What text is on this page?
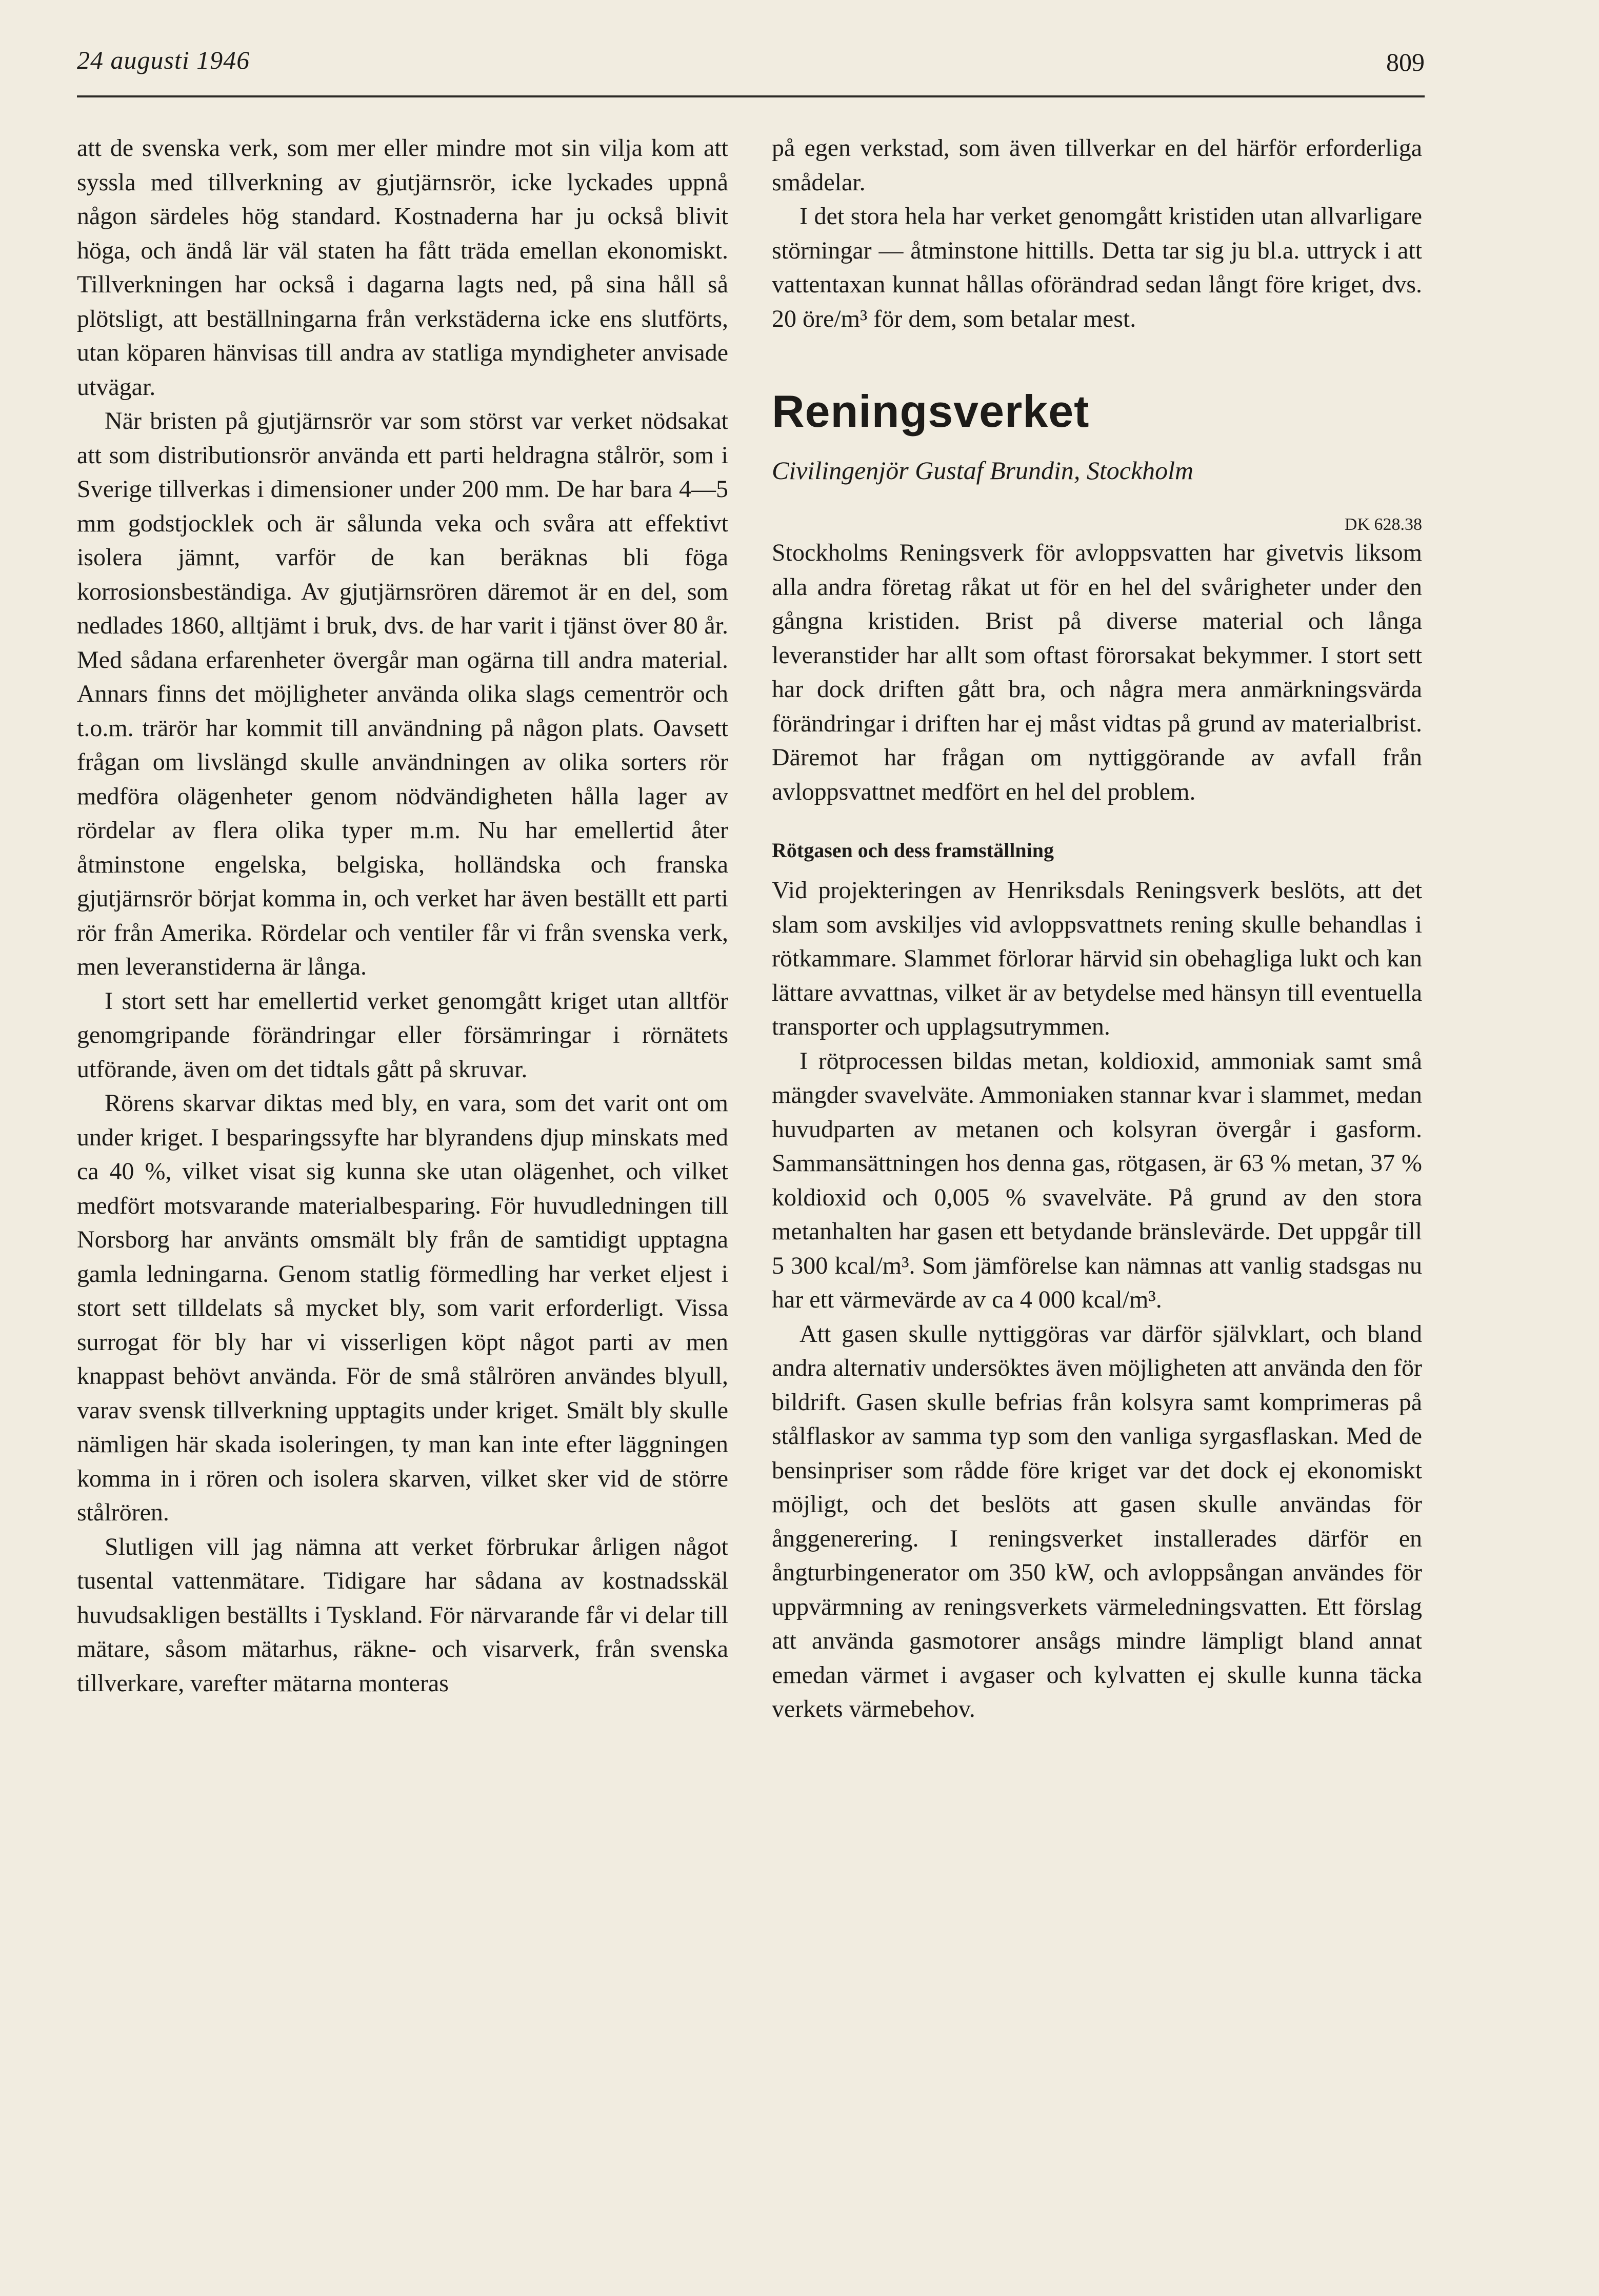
24 augusti 1946	809

att de svenska verk, som mer eller mindre mot sin vilja kom att syssla med tillverkning av gjutjärnsrör, icke lyckades uppnå någon särdeles hög standard. Kostnaderna har ju också blivit höga, och ändå lär väl staten ha fått träda emellan ekonomiskt. Tillverkningen har också i dagarna lagts ned, på sina håll så plötsligt, att beställningarna från verkstäderna icke ens slutförts, utan köparen hänvisas till andra av statliga myndigheter anvisade utvägar.

När bristen på gjutjärnsrör var som störst var verket nödsakat att som distributionsrör använda ett parti heldragna stålrör, som i Sverige tillverkas i dimensioner under 200 mm. De har bara 4—5 mm godstjocklek och är sålunda veka och svåra att effektivt isolera jämnt, varför de kan beräknas bli föga korrosionsbeständiga. Av gjutjärnsrören däremot är en del, som nedlades 1860, alltjämt i bruk, dvs. de har varit i tjänst över 80 år. Med sådana erfarenheter övergår man ogärna till andra material. Annars finns det möjligheter använda olika slags cementrör och t.o.m. trärör har kommit till användning på någon plats. Oavsett frågan om livslängd skulle användningen av olika sorters rör medföra olägenheter genom nödvändigheten hålla lager av rördelar av flera olika typer m.m. Nu har emellertid åter åtminstone engelska, belgiska, holländska och franska gjutjärnsrör börjat komma in, och verket har även beställt ett parti rör från Amerika. Rördelar och ventiler får vi från svenska verk, men leveranstiderna är långa.

I stort sett har emellertid verket genomgått kriget utan alltför genomgripande förändringar eller försämringar i rörnätets utförande, även om det tidtals gått på skruvar.

Rörens skarvar diktas med bly, en vara, som det varit ont om under kriget. I besparingssyfte har blyrandens djup minskats med ca 40 %, vilket visat sig kunna ske utan olägenhet, och vilket medfört motsvarande materialbesparing. För huvudledningen till Norsborg har använts omsmält bly från de samtidigt upptagna gamla ledningarna. Genom statlig förmedling har verket eljest i stort sett tilldelats så mycket bly, som varit erforderligt. Vissa surrogat för bly har vi visserligen köpt något parti av men knappast behövt använda. För de små stålrören användes blyull, varav svensk tillverkning upptagits under kriget. Smält bly skulle nämligen här skada isoleringen, ty man kan inte efter läggningen komma in i rören och isolera skarven, vilket sker vid de större stålrören.

Slutligen vill jag nämna att verket förbrukar årligen något tusental vattenmätare. Tidigare har sådana av kostnadsskäl huvudsakligen beställts i Tyskland. För närvarande får vi delar till mätare, såsom mätarhus, räkne- och visarverk, från svenska tillverkare, varefter mätarna monteras

på egen verkstad, som även tillverkar en del härför erforderliga smådelar.

I det stora hela har verket genomgått kristiden utan allvarligare störningar — åtminstone hittills. Detta tar sig ju bl.a. uttryck i att vattentaxan kunnat hållas oförändrad sedan långt före kriget, dvs. 20 öre/m³ för dem, som betalar mest.

Reningsverket
Civilingenjör Gustaf Brundin, Stockholm
DK 628.38

Stockholms Reningsverk för avloppsvatten har givetvis liksom alla andra företag råkat ut för en hel del svårigheter under den gångna kristiden. Brist på diverse material och långa leveranstider har allt som oftast förorsakat bekymmer. I stort sett har dock driften gått bra, och några mera anmärkningsvärda förändringar i driften har ej måst vidtas på grund av materialbrist. Däremot har frågan om nyttiggörande av avfall från avloppsvattnet medfört en hel del problem.

Rötgasen och dess framställning

Vid projekteringen av Henriksdals Reningsverk beslöts, att det slam som avskiljes vid avloppsvattnets rening skulle behandlas i rötkammare. Slammet förlorar härvid sin obehagliga lukt och kan lättare avvattnas, vilket är av betydelse med hänsyn till eventuella transporter och upplagsutrymmen.

I rötprocessen bildas metan, koldioxid, ammoniak samt små mängder svavelväte. Ammoniaken stannar kvar i slammet, medan huvudparten av metanen och kolsyran övergår i gasform. Sammansättningen hos denna gas, rötgasen, är 63 % metan, 37 % koldioxid och 0,005 % svavelväte. På grund av den stora metanhalten har gasen ett betydande bränslevärde. Det uppgår till 5 300 kcal/m³. Som jämförelse kan nämnas att vanlig stadsgas nu har ett värmevärde av ca 4 000 kcal/m³.

Att gasen skulle nyttiggöras var därför självklart, och bland andra alternativ undersöktes även möjligheten att använda den för bildrift. Gasen skulle befrias från kolsyra samt komprimeras på stålflaskor av samma typ som den vanliga syrgasflaskan. Med de bensinpriser som rådde före kriget var det dock ej ekonomiskt möjligt, och det beslöts att gasen skulle användas för ånggenerering. I reningsverket installerades därför en ångturbingenerator om 350 kW, och avloppsångan användes för uppvärmning av reningsverkets värmeledningsvatten. Ett förslag att använda gasmotorer ansågs mindre lämpligt bland annat emedan värmet i avgaser och kylvatten ej skulle kunna täcka verkets värmebehov.
